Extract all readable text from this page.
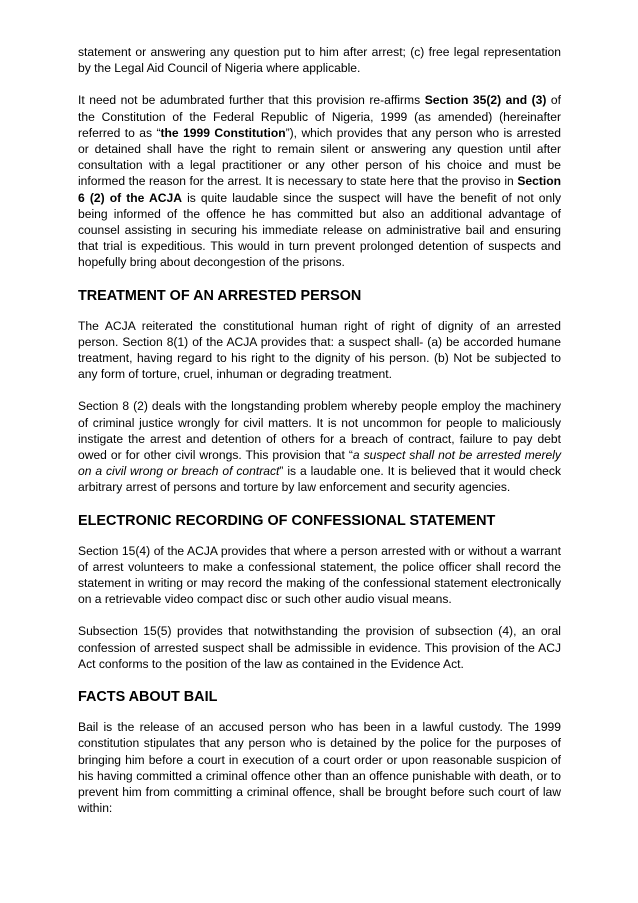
statement or answering any question put to him after arrest; (c) free legal representation by the Legal Aid Council of Nigeria where applicable.

It need not be adumbrated further that this provision re-affirms Section 35(2) and (3) of the Constitution of the Federal Republic of Nigeria, 1999 (as amended) (hereinafter referred to as “the 1999 Constitution”), which provides that any person who is arrested or detained shall have the right to remain silent or answering any question until after consultation with a legal practitioner or any other person of his choice and must be informed the reason for the arrest. It is necessary to state here that the proviso in Section 6 (2) of the ACJA is quite laudable since the suspect will have the benefit of not only being informed of the offence he has committed but also an additional advantage of counsel assisting in securing his immediate release on administrative bail and ensuring that trial is expeditious. This would in turn prevent prolonged detention of suspects and hopefully bring about decongestion of the prisons.

TREATMENT OF AN ARRESTED PERSON

The ACJA reiterated the constitutional human right of right of dignity of an arrested person. Section 8(1) of the ACJA provides that: a suspect shall- (a) be accorded humane treatment, having regard to his right to the dignity of his person. (b) Not be subjected to any form of torture, cruel, inhuman or degrading treatment.

Section 8 (2) deals with the longstanding problem whereby people employ the machinery of criminal justice wrongly for civil matters. It is not uncommon for people to maliciously instigate the arrest and detention of others for a breach of contract, failure to pay debt owed or for other civil wrongs. This provision that “a suspect shall not be arrested merely on a civil wrong or breach of contract” is a laudable one. It is believed that it would check arbitrary arrest of persons and torture by law enforcement and security agencies.

ELECTRONIC RECORDING OF CONFESSIONAL STATEMENT

Section 15(4) of the ACJA provides that where a person arrested with or without a warrant of arrest volunteers to make a confessional statement, the police officer shall record the statement in writing or may record the making of the confessional statement electronically on a retrievable video compact disc or such other audio visual means.

Subsection 15(5) provides that notwithstanding the provision of subsection (4), an oral confession of arrested suspect shall be admissible in evidence. This provision of the ACJ Act conforms to the position of the law as contained in the Evidence Act.

FACTS ABOUT BAIL

Bail is the release of an accused person who has been in a lawful custody. The 1999 constitution stipulates that any person who is detained by the police for the purposes of bringing him before a court in execution of a court order or upon reasonable suspicion of his having committed a criminal offence other than an offence punishable with death, or to prevent him from committing a criminal offence, shall be brought before such court of law within:
